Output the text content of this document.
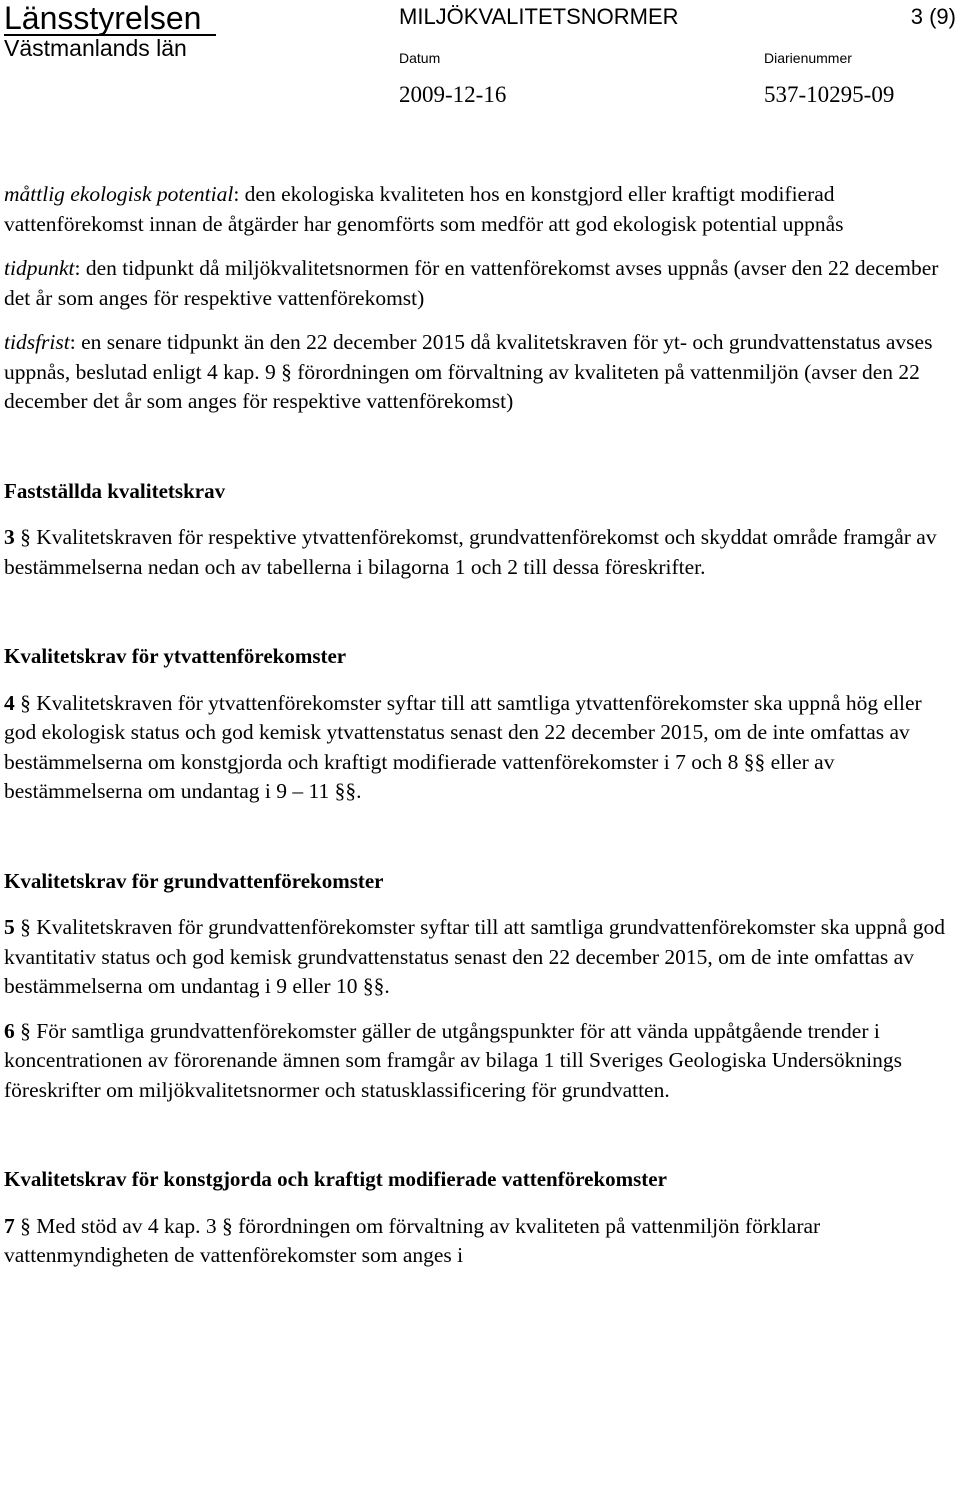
Länsstyrelsen
Västmanlands län
MILJÖKVALITETSNORMER	3 (9)
Datum	Diarienummer
2009-12-16	537-10295-09

måttlig ekologisk potential: den ekologiska kvaliteten hos en konstgjord eller kraftigt modifierad vattenförekomst innan de åtgärder har genomförts som medför att god ekologisk potential uppnås

tidpunkt: den tidpunkt då miljökvalitetsnormen för en vattenförekomst avses uppnås (avser den 22 december det år som anges för respektive vattenförekomst)

tidsfrist: en senare tidpunkt än den 22 december 2015 då kvalitetskraven för yt- och grundvattenstatus avses uppnås, beslutad enligt 4 kap. 9 § förordningen om förvaltning av kvaliteten på vattenmiljön (avser den 22 december det år som anges för respektive vattenförekomst)

Fastställda kvalitetskrav

3 § Kvalitetskraven för respektive ytvattenförekomst, grundvattenförekomst och skyddat område framgår av bestämmelserna nedan och av tabellerna i bilagorna 1 och 2 till dessa föreskrifter.

Kvalitetskrav för ytvattenförekomster

4 § Kvalitetskraven för ytvattenförekomster syftar till att samtliga ytvattenförekomster ska uppnå hög eller god ekologisk status och god kemisk ytvattenstatus senast den 22 december 2015, om de inte omfattas av bestämmelserna om konstgjorda och kraftigt modifierade vattenförekomster i 7 och 8 §§ eller av bestämmelserna om undantag i 9 – 11 §§.

Kvalitetskrav för grundvattenförekomster

5 § Kvalitetskraven för grundvattenförekomster syftar till att samtliga grundvattenförekomster ska uppnå god kvantitativ status och god kemisk grundvattenstatus senast den 22 december 2015, om de inte omfattas av bestämmelserna om undantag i 9 eller 10 §§.

6 § För samtliga grundvattenförekomster gäller de utgångspunkter för att vända uppåtgående trender i koncentrationen av förorenande ämnen som framgår av bilaga 1 till Sveriges Geologiska Undersöknings föreskrifter om miljökvalitetsnormer och statusklassificering för grundvatten.

Kvalitetskrav för konstgjorda och kraftigt modifierade vattenförekomster

7 § Med stöd av 4 kap. 3 § förordningen om förvaltning av kvaliteten på vattenmiljön förklarar vattenmyndigheten de vattenförekomster som anges i
